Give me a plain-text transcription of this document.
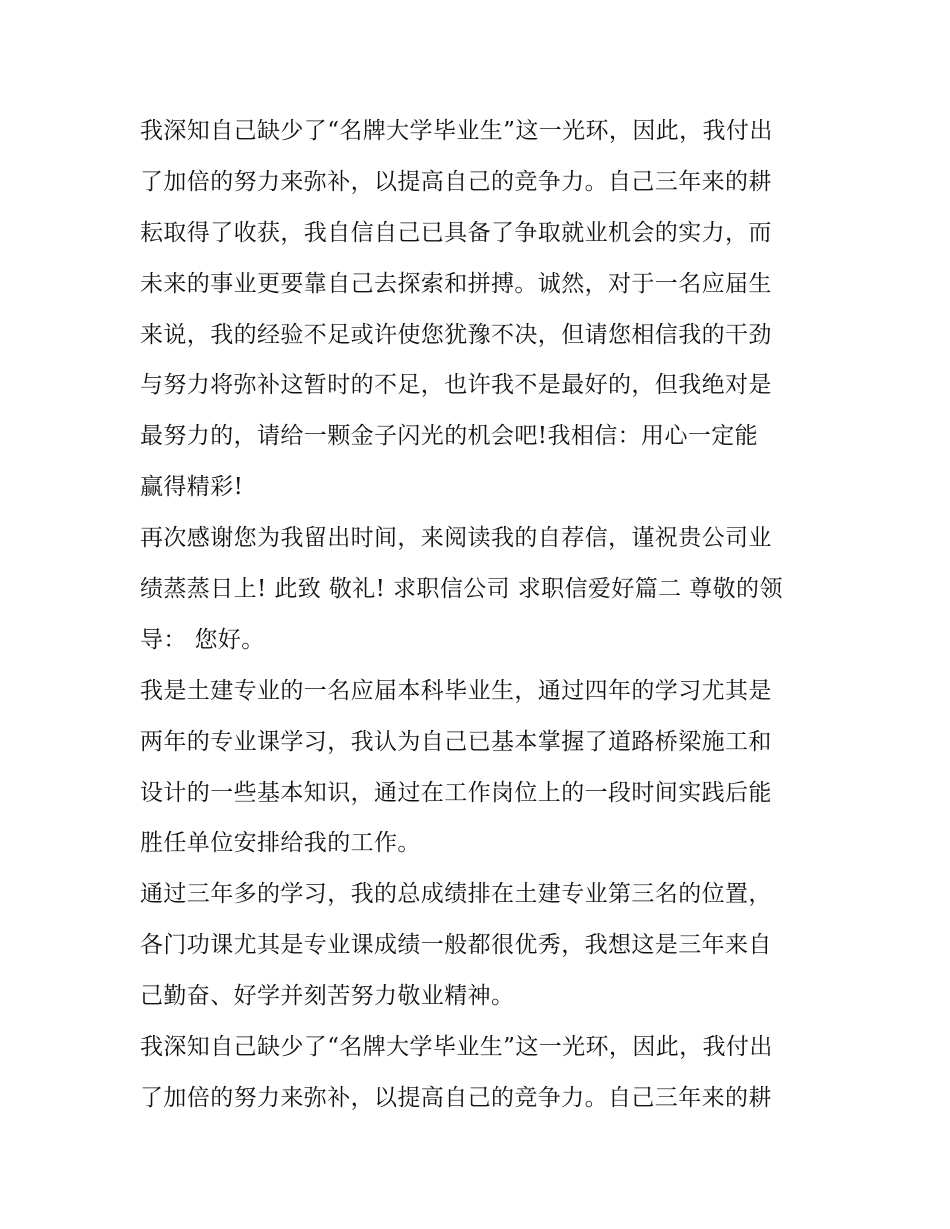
我深知自己缺少了“名牌大学毕业生”这一光环，因此，我付出
了加倍的努力来弥补，以提高自己的竞争力。自己三年来的耕
耘取得了收获，我自信自己已具备了争取就业机会的实力，而
未来的事业更要靠自己去探索和拼搏。诚然，对于一名应届生
来说，我的经验不足或许使您犹豫不决，但请您相信我的干劲
与努力将弥补这暂时的不足，也许我不是最好的，但我绝对是
最努力的，请给一颗金子闪光的机会吧!我相信：用心一定能
赢得精彩!
再次感谢您为我留出时间，来阅读我的自荐信，谨祝贵公司业
绩蒸蒸日上! 此致 敬礼! 求职信公司 求职信爱好篇二 尊敬的领
导： 您好。
我是土建专业的一名应届本科毕业生，通过四年的学习尤其是
两年的专业课学习，我认为自己已基本掌握了道路桥梁施工和
设计的一些基本知识，通过在工作岗位上的一段时间实践后能
胜任单位安排给我的工作。
通过三年多的学习，我的总成绩排在土建专业第三名的位置，
各门功课尤其是专业课成绩一般都很优秀，我想这是三年来自
己勤奋、好学并刻苦努力敬业精神。
我深知自己缺少了“名牌大学毕业生”这一光环，因此，我付出
了加倍的努力来弥补，以提高自己的竞争力。自己三年来的耕
